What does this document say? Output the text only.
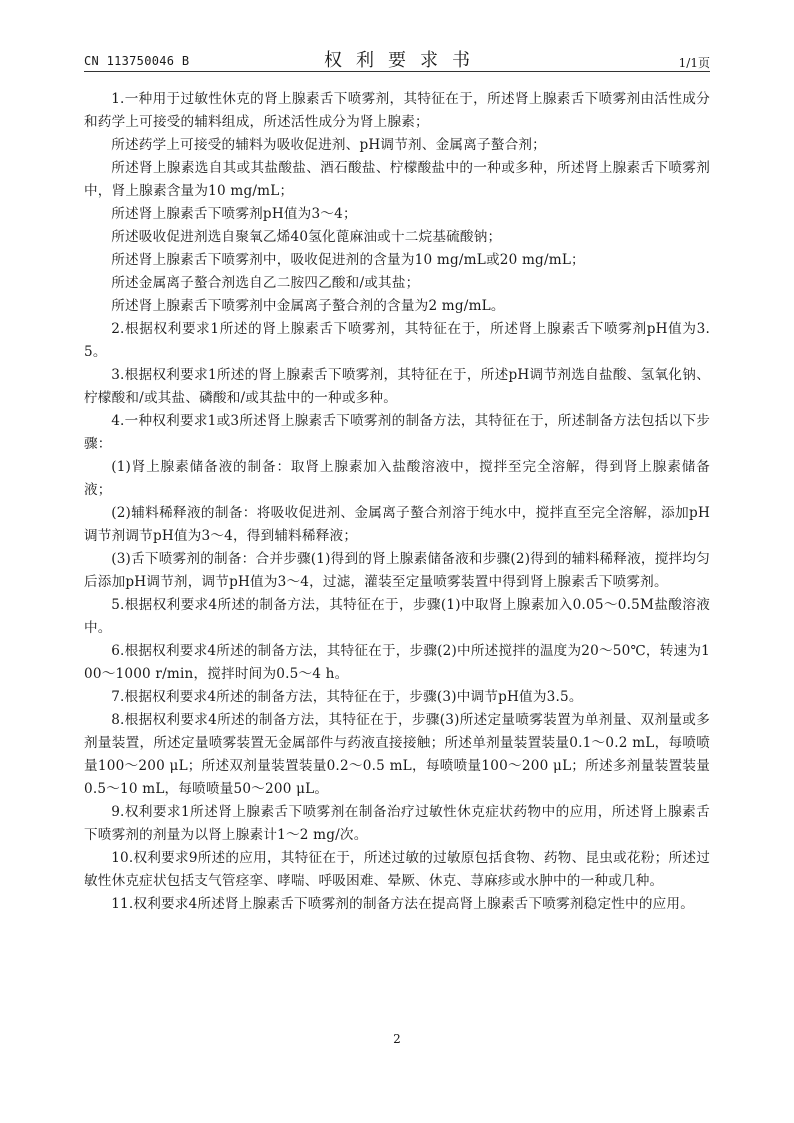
CN 113750046 B	权利要求书	1/1页

1.一种用于过敏性休克的肾上腺素舌下喷雾剂，其特征在于，所述肾上腺素舌下喷雾剂由活性成分和药学上可接受的辅料组成，所述活性成分为肾上腺素；

所述药学上可接受的辅料为吸收促进剂、pH调节剂、金属离子螯合剂；

所述肾上腺素选自其或其盐酸盐、酒石酸盐、柠檬酸盐中的一种或多种，所述肾上腺素舌下喷雾剂中，肾上腺素含量为10 mg/mL；

所述肾上腺素舌下喷雾剂pH值为3～4；

所述吸收促进剂选自聚氧乙烯40氢化蓖麻油或十二烷基硫酸钠；

所述肾上腺素舌下喷雾剂中，吸收促进剂的含量为10 mg/mL或20 mg/mL；

所述金属离子螯合剂选自乙二胺四乙酸和/或其盐；

所述肾上腺素舌下喷雾剂中金属离子螯合剂的含量为2 mg/mL。

2.根据权利要求1所述的肾上腺素舌下喷雾剂，其特征在于，所述肾上腺素舌下喷雾剂pH值为3.5。

3.根据权利要求1所述的肾上腺素舌下喷雾剂，其特征在于，所述pH调节剂选自盐酸、氢氧化钠、柠檬酸和/或其盐、磷酸和/或其盐中的一种或多种。

4.一种权利要求1或3所述肾上腺素舌下喷雾剂的制备方法，其特征在于，所述制备方法包括以下步骤：

(1)肾上腺素储备液的制备：取肾上腺素加入盐酸溶液中，搅拌至完全溶解，得到肾上腺素储备液；

(2)辅料稀释液的制备：将吸收促进剂、金属离子螯合剂溶于纯水中，搅拌直至完全溶解，添加pH调节剂调节pH值为3～4，得到辅料稀释液；

(3)舌下喷雾剂的制备：合并步骤(1)得到的肾上腺素储备液和步骤(2)得到的辅料稀释液，搅拌均匀后添加pH调节剂，调节pH值为3～4，过滤，灌装至定量喷雾装置中得到肾上腺素舌下喷雾剂。

5.根据权利要求4所述的制备方法，其特征在于，步骤(1)中取肾上腺素加入0.05～0.5M盐酸溶液中。

6.根据权利要求4所述的制备方法，其特征在于，步骤(2)中所述搅拌的温度为20～50℃，转速为100～1000 r/min，搅拌时间为0.5～4 h。

7.根据权利要求4所述的制备方法，其特征在于，步骤(3)中调节pH值为3.5。

8.根据权利要求4所述的制备方法，其特征在于，步骤(3)所述定量喷雾装置为单剂量、双剂量或多剂量装置，所述定量喷雾装置无金属部件与药液直接接触；所述单剂量装置装量0.1～0.2 mL，每喷喷量100～200 μL；所述双剂量装置装量0.2～0.5 mL，每喷喷量100～200 μL；所述多剂量装置装量0.5～10 mL，每喷喷量50～200 μL。

9.权利要求1所述肾上腺素舌下喷雾剂在制备治疗过敏性休克症状药物中的应用，所述肾上腺素舌下喷雾剂的剂量为以肾上腺素计1～2 mg/次。

10.权利要求9所述的应用，其特征在于，所述过敏的过敏原包括食物、药物、昆虫或花粉；所述过敏性休克症状包括支气管痉挛、哮喘、呼吸困难、晕厥、休克、荨麻疹或水肿中的一种或几种。

11.权利要求4所述肾上腺素舌下喷雾剂的制备方法在提高肾上腺素舌下喷雾剂稳定性中的应用。

2
